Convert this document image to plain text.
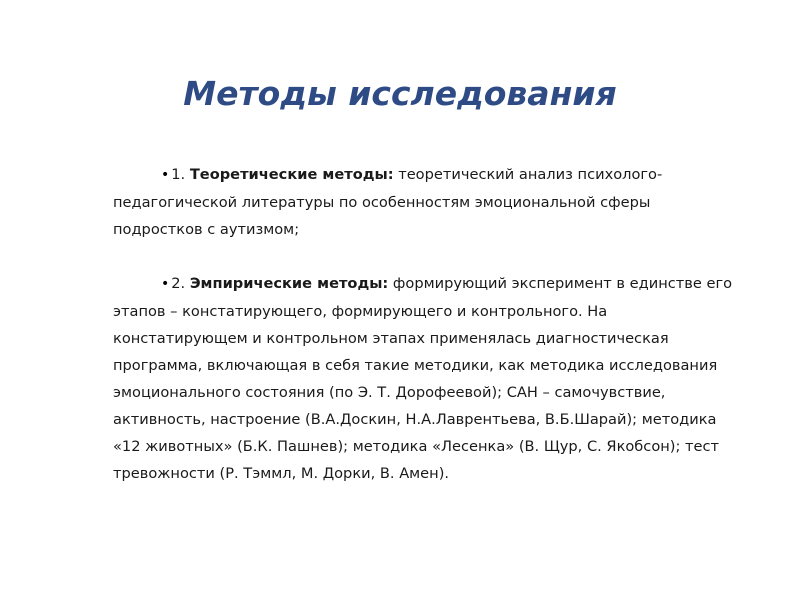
Методы исследования

• 1. Теоретические методы: теоретический анализ психолого-педагогической литературы по особенностям эмоциональной сферы подростков с аутизмом;

• 2. Эмпирические методы: формирующий эксперимент в единстве его этапов – констатирующего, формирующего и контрольного. На констатирующем и контрольном этапах применялась диагностическая программа, включающая в себя такие методики, как методика исследования эмоционального состояния (по Э. Т. Дорофеевой); САН – самочувствие, активность, настроение (В.А.Доскин, Н.А.Лаврентьева, В.Б.Шарай); методика «12 животных» (Б.К. Пашнев); методика «Лесенка» (В. Щур, С. Якобсон); тест тревожности (Р. Тэммл, М. Дорки, В. Амен).
